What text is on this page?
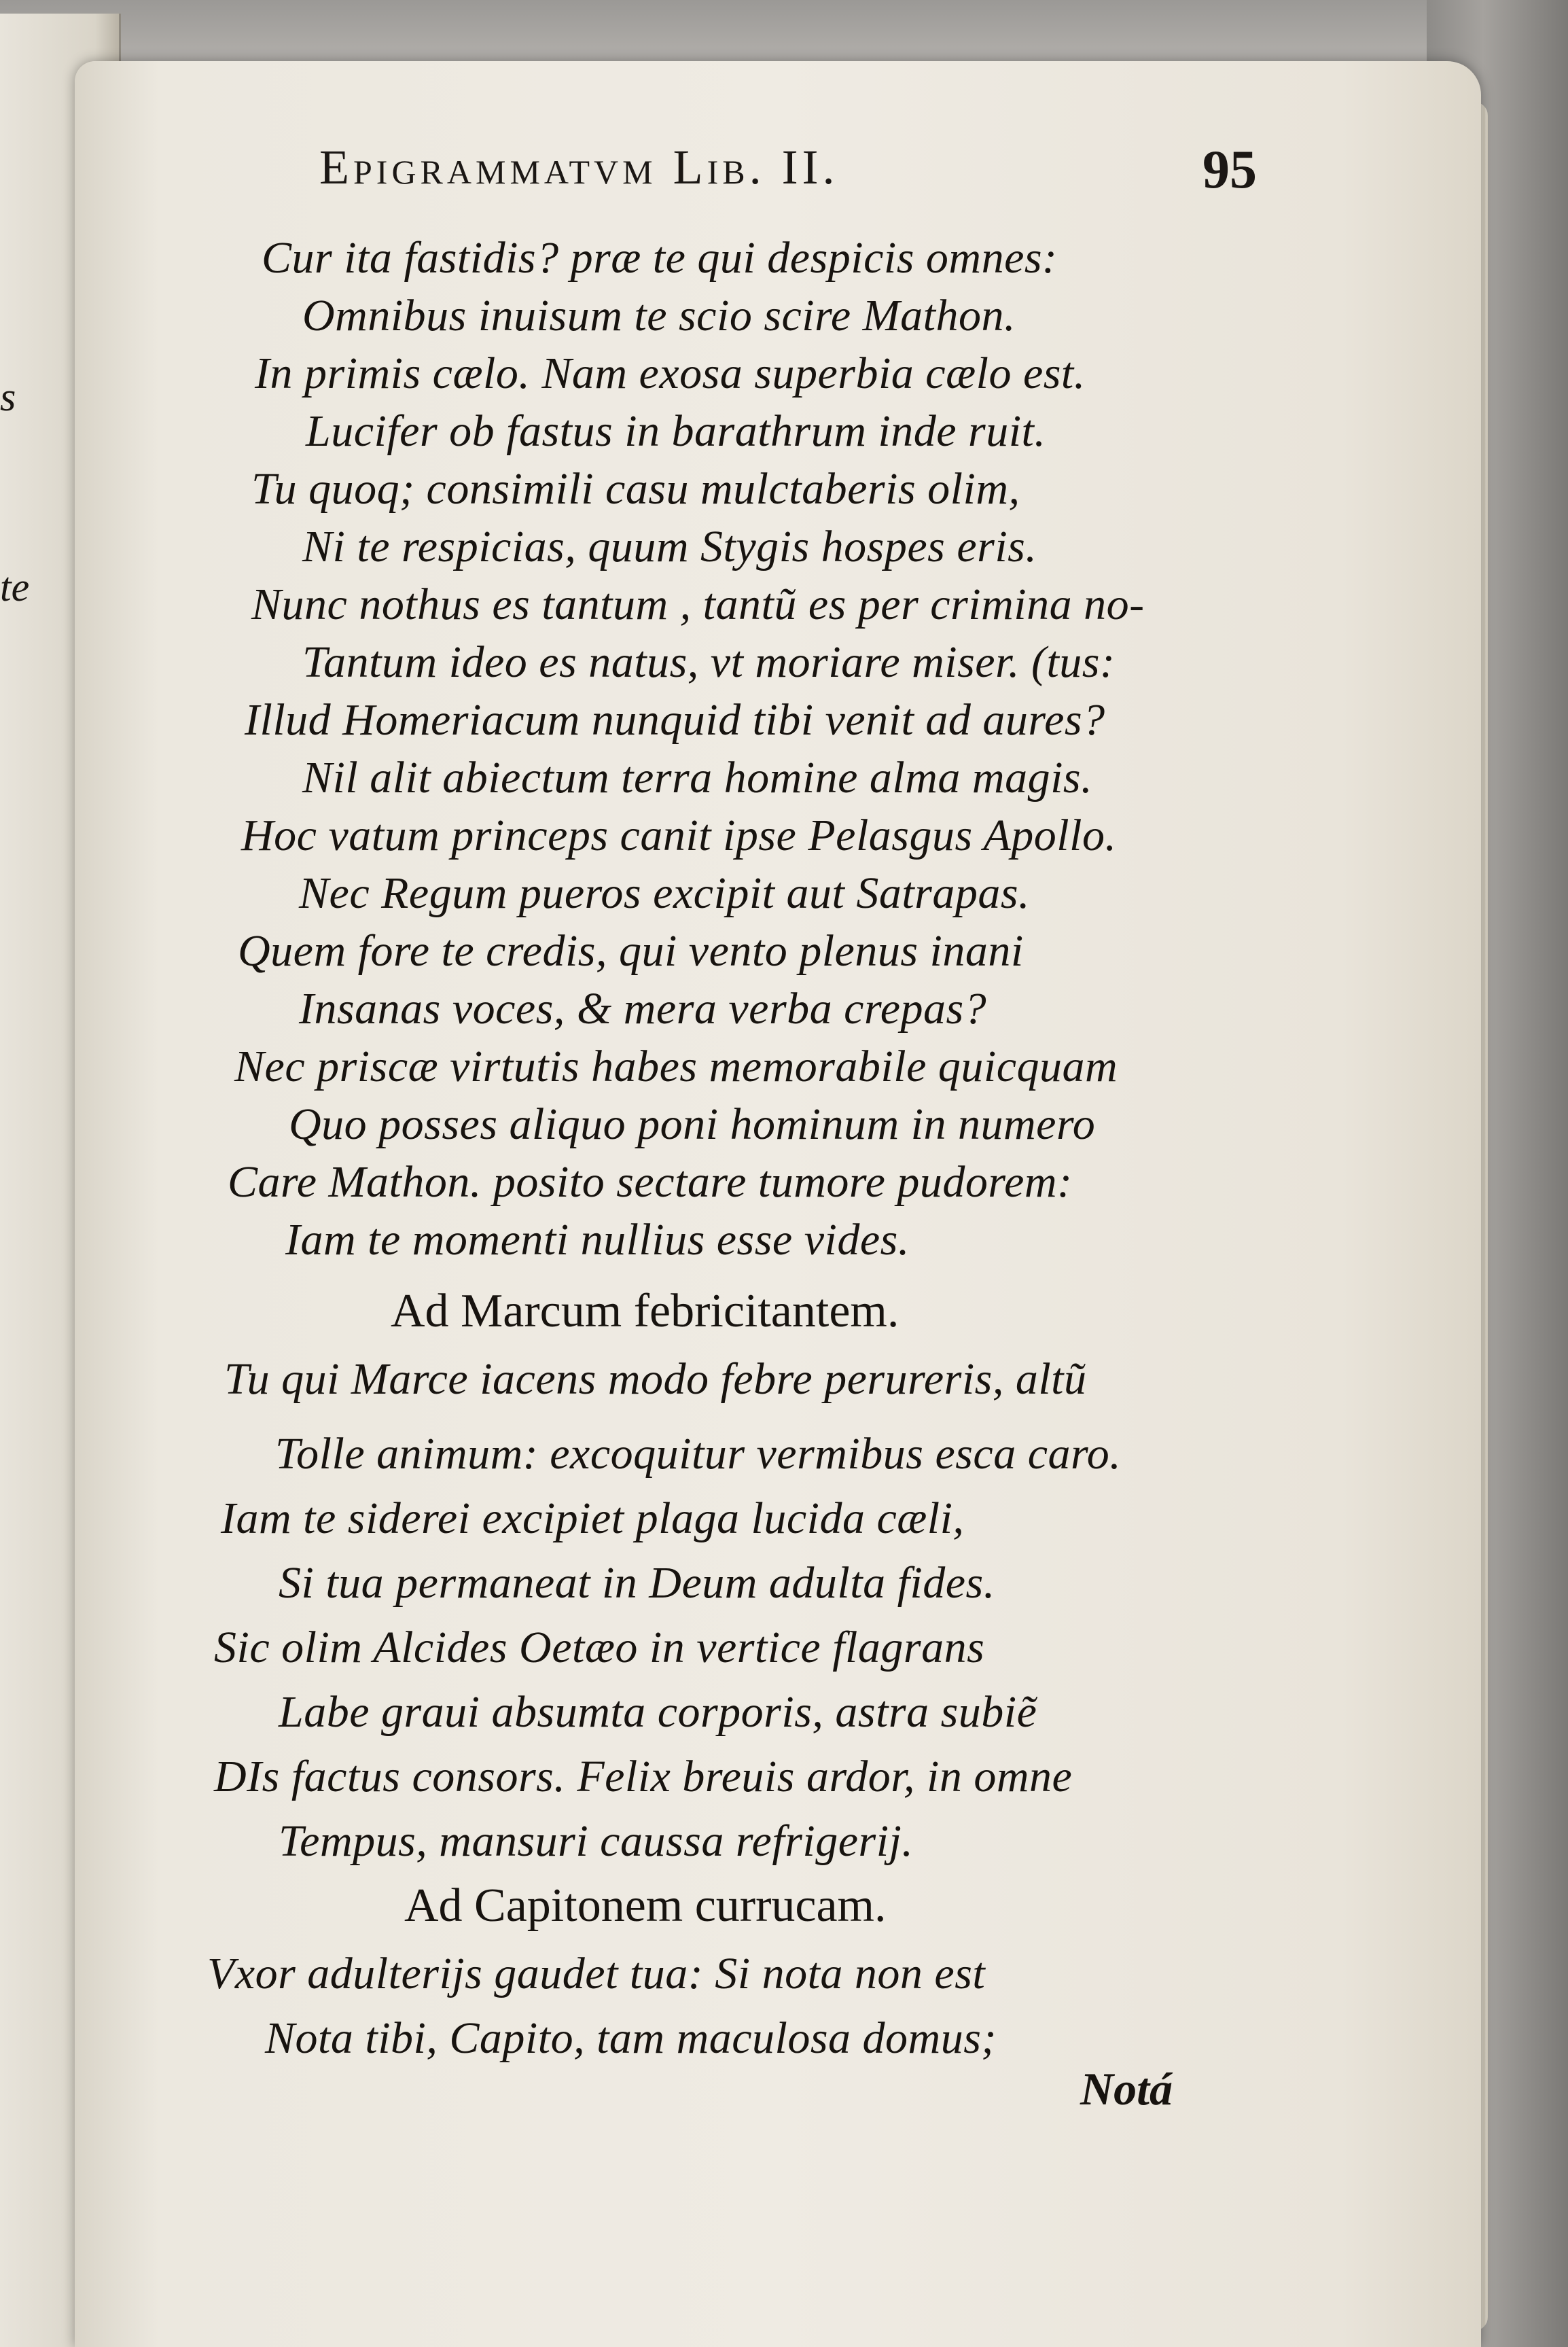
s
te
Epigrammatvm Lib. II.	95
Cur ita fastidis? præ te qui despicis omnes:
Omnibus inuisum te scio scire Mathon.
In primis cælo. Nam exosa superbia cælo est.
Lucifer ob fastus in barathrum inde ruit.
Tu quoq; consimili casu mulctaberis olim,
Ni te respicias, quum Stygis hospes eris.
Nunc nothus es tantum , tantũ es per crimina no-
Tantum ideo es natus, vt moriare miser. (tus:
Illud Homeriacum nunquid tibi venit ad aures?
Nil alit abiectum terra homine alma magis.
Hoc vatum princeps canit ipse Pelasgus Apollo.
Nec Regum pueros excipit aut Satrapas.
Quem fore te credis, qui vento plenus inani
Insanas voces, & mera verba crepas?
Nec priscæ virtutis habes memorabile quicquam
Quo posses aliquo poni hominum in numero
Care Mathon. posito sectare tumore pudorem:
Iam te momenti nullius esse vides.
Ad Marcum febricitantem.
Tu qui Marce iacens modo febre perureris, altũ
Tolle animum: excoquitur vermibus esca caro.
Iam te siderei excipiet plaga lucida cæli,
Si tua permaneat in Deum adulta fides.
Sic olim Alcides Oetæo in vertice flagrans
Labe graui absumta corporis, astra subiẽ
DIs factus consors. Felix breuis ardor, in omne
Tempus, mansuri caussa refrigerij.
Ad Capitonem currucam.
Vxor adulterijs gaudet tua: Si nota non est
Nota tibi, Capito, tam maculosa domus;
Notá
